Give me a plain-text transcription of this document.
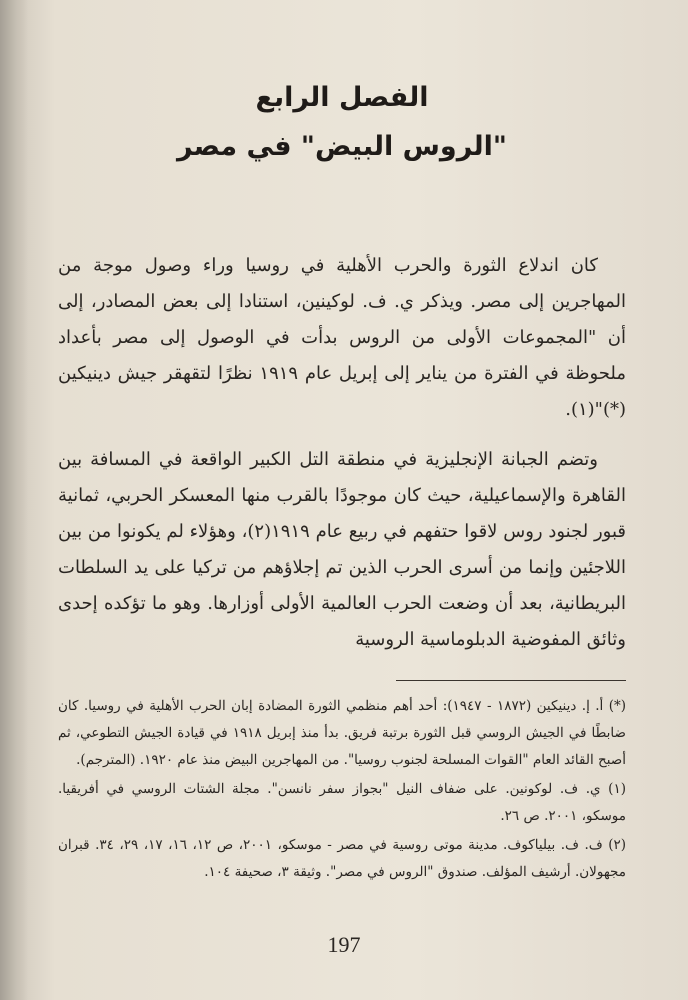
الفصل الرابع
"الروس البيض" في مصر

كان اندلاع الثورة والحرب الأهلية في روسيا وراء وصول موجة من المهاجرين إلى مصر. ويذكر ي. ف. لوكينين، استنادا إلى بعض المصادر، إلى أن "المجموعات الأولى من الروس بدأت في الوصول إلى مصر بأعداد ملحوظة في الفترة من يناير إلى إبريل عام ١٩١٩ نظرًا لتقهقر جيش دينيكين (*)"(١).

وتضم الجبانة الإنجليزية في منطقة التل الكبير الواقعة في المسافة بين القاهرة والإسماعيلية، حيث كان موجودًا بالقرب منها المعسكر الحربي، ثمانية قبور لجنود روس لاقوا حتفهم في ربيع عام ١٩١٩(٢)، وهؤلاء لم يكونوا من بين اللاجئين وإنما من أسرى الحرب الذين تم إجلاؤهم من تركيا على يد السلطات البريطانية، بعد أن وضعت الحرب العالمية الأولى أوزارها. وهو ما تؤكده إحدى وثائق المفوضية الدبلوماسية الروسية

(*) أ. إ. دينيكين (١٨٧٢ - ١٩٤٧): أحد أهم منظمي الثورة المضادة إبان الحرب الأهلية في روسيا. كان ضابطًا في الجيش الروسي قبل الثورة برتبة فريق. بدأ منذ إبريل ١٩١٨ في قيادة الجيش التطوعي، ثم أصبح القائد العام "القوات المسلحة لجنوب روسيا". من المهاجرين البيض منذ عام ١٩٢٠. (المترجم).

(١) ي. ف. لوكونين. على ضفاف النيل "بجواز سفر نانسن". مجلة الشتات الروسي في أفريقيا. موسكو، ٢٠٠١. ص ٢٦.

(٢) ف. ف. بيلياكوف. مدينة موتى روسية في مصر - موسكو، ٢٠٠١، ص ١٢، ١٦، ١٧، ٢٩، ٣٤. قبران مجهولان. أرشيف المؤلف. صندوق "الروس في مصر". وثيقة ٣، صحيفة ١٠٤.

197
